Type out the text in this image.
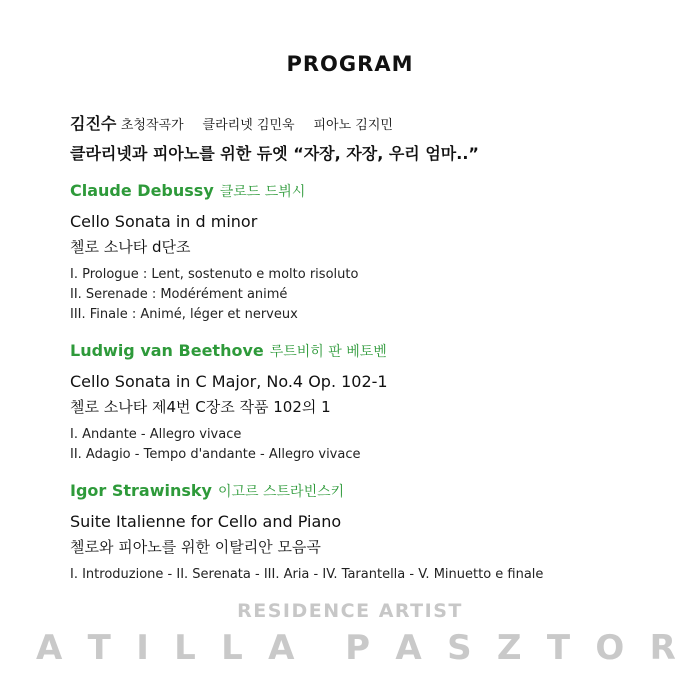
PROGRAM
김진수 초청작곡가 클라리넷 김민욱 피아노 김지민
클라리넷과 피아노를 위한 듀엣 “자장, 자장, 우리 엄마..”
Claude Debussy 클로드 드뷔시
Cello Sonata in d minor
첼로 소나타 d단조
I. Prologue : Lent, sostenuto e molto risoluto
II. Serenade : Modérément animé
III. Finale : Animé, léger et nerveux
Ludwig van Beethove 루트비히 판 베토벤
Cello Sonata in C Major, No.4 Op. 102-1
첼로 소나타 제4번 C장조 작품 102의 1
I. Andante - Allegro vivace
II. Adagio - Tempo d'andante - Allegro vivace
Igor Strawinsky 이고르 스트라빈스키
Suite Italienne for Cello and Piano
첼로와 피아노를 위한 이탈리안 모음곡
I. Introduzione - II. Serenata - III. Aria - IV. Tarantella - V. Minuetto e finale
RESIDENCE ARTIST
A T I L L A P A S Z T O R
